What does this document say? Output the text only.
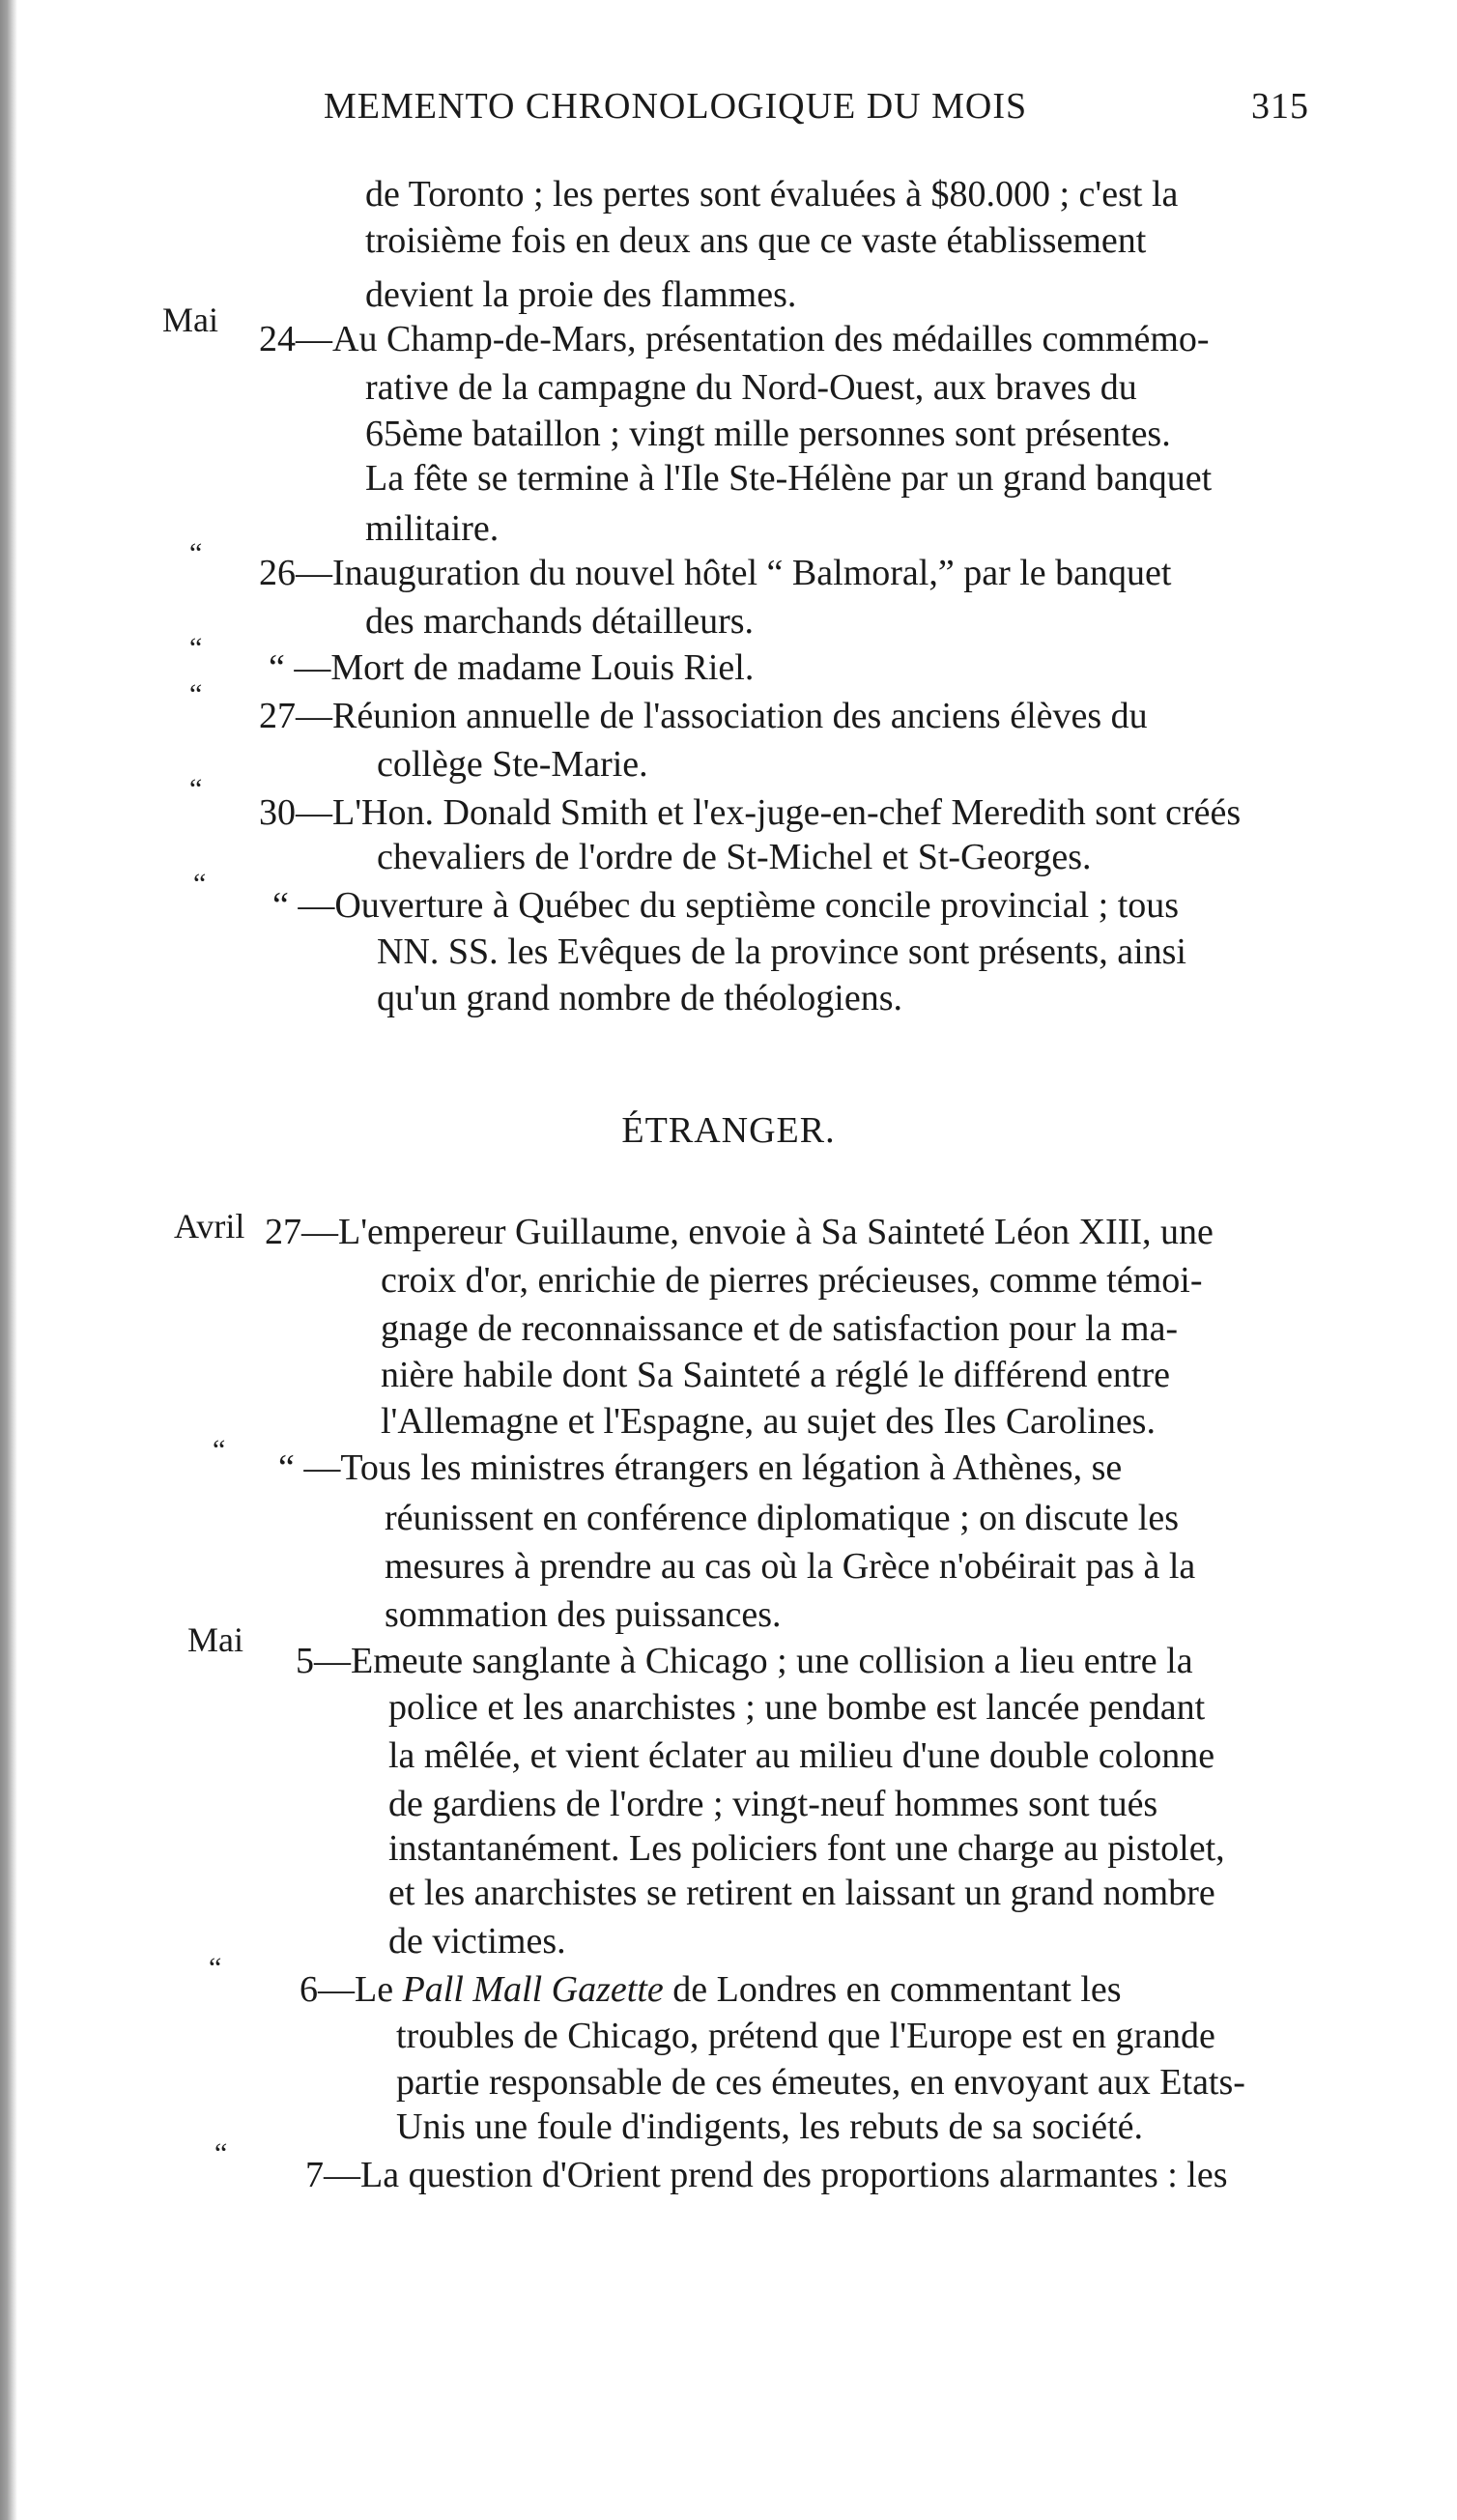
MEMENTO CHRONOLOGIQUE DU MOIS	315
de Toronto ; les pertes sont évaluées à $80.000 ; c'est la
troisième fois en deux ans que ce vaste établissement
devient la proie des flammes.
Mai 24—Au Champ-de-Mars, présentation des médailles commémo-
rative de la campagne du Nord-Ouest, aux braves du
65ème bataillon ; vingt mille personnes sont présentes.
La fête se termine à l'Ile Ste-Hélène par un grand banquet
militaire.
“ 26—Inauguration du nouvel hôtel “ Balmoral,” par le banquet
des marchands détailleurs.
“ “ —Mort de madame Louis Riel.
“
27—Réunion annuelle de l'association des anciens élèves du
collège Ste-Marie.
“
30—L'Hon. Donald Smith et l'ex-juge-en-chef Meredith sont créés
chevaliers de l'ordre de St-Michel et St-Georges.
“
“ —Ouverture à Québec du septième concile provincial ; tous
NN. SS. les Evêques de la province sont présents, ainsi
qu'un grand nombre de théologiens.
ÉTRANGER.
Avril 27—L'empereur Guillaume, envoie à Sa Sainteté Léon XIII, une
croix d'or, enrichie de pierres précieuses, comme témoi-
gnage de reconnaissance et de satisfaction pour la ma-
nière habile dont Sa Sainteté a réglé le différend entre
l'Allemagne et l'Espagne, au sujet des Iles Carolines.
“ “ —Tous les ministres étrangers en légation à Athènes, se
réunissent en conférence diplomatique ; on discute les
mesures à prendre au cas où la Grèce n'obéirait pas à la
sommation des puissances.
Mai
5—Emeute sanglante à Chicago ; une collision a lieu entre la
police et les anarchistes ; une bombe est lancée pendant
la mêlée, et vient éclater au milieu d'une double colonne
de gardiens de l'ordre ; vingt-neuf hommes sont tués
instantanément. Les policiers font une charge au pistolet,
et les anarchistes se retirent en laissant un grand nombre
de victimes.
“
6—Le Pall Mall Gazette de Londres en commentant les
troubles de Chicago, prétend que l'Europe est en grande
partie responsable de ces émeutes, en envoyant aux Etats-
Unis une foule d'indigents, les rebuts de sa société.
“
7—La question d'Orient prend des proportions alarmantes : les
